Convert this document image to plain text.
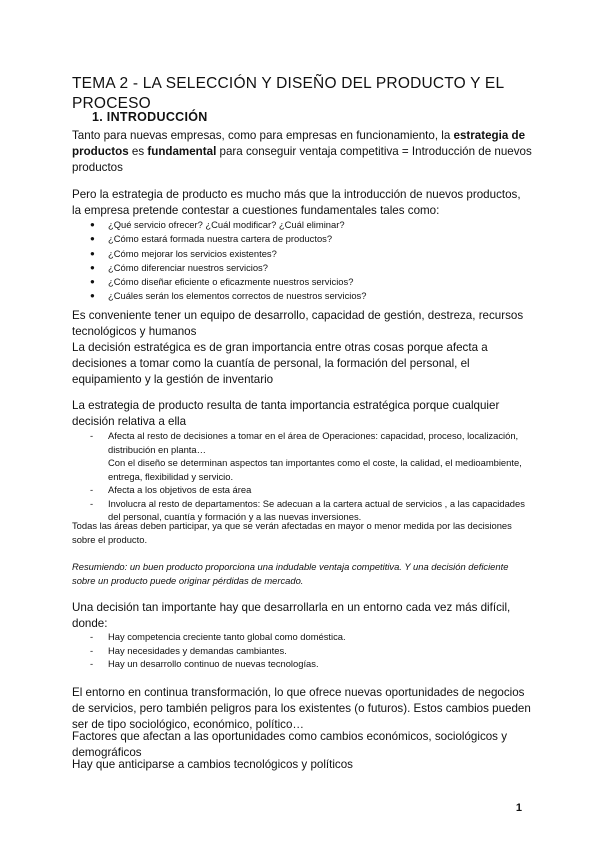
TEMA 2 - LA SELECCIÓN Y DISEÑO DEL PRODUCTO Y EL PROCESO
1. INTRODUCCIÓN
Tanto para nuevas empresas, como para empresas en funcionamiento, la estrategia de productos es fundamental para conseguir ventaja competitiva = Introducción de nuevos productos
Pero la estrategia de producto es mucho más que la introducción de nuevos productos, la empresa pretende contestar a cuestiones fundamentales tales como:
● ¿Qué servicio ofrecer? ¿Cuál modificar? ¿Cuál eliminar?
● ¿Cómo estará formada nuestra cartera de productos?
● ¿Cómo mejorar los servicios existentes?
● ¿Cómo diferenciar nuestros servicios?
● ¿Cómo diseñar eficiente o eficazmente nuestros servicios?
● ¿Cuáles serán los elementos correctos de nuestros servicios?
Es conveniente tener un equipo de desarrollo, capacidad de gestión, destreza, recursos tecnológicos y humanos
La decisión estratégica es de gran importancia entre otras cosas porque afecta a decisiones a tomar como la cuantía de personal, la formación del personal, el equipamiento y la gestión de inventario
La estrategia de producto resulta de tanta importancia estratégica porque cualquier decisión relativa a ella
- Afecta al resto de decisiones a tomar en el área de Operaciones: capacidad, proceso, localización, distribución en planta…
Con el diseño se determinan aspectos tan importantes como el coste, la calidad, el medioambiente, entrega, flexibilidad y servicio.
- Afecta a los objetivos de esta área
- Involucra al resto de departamentos: Se adecuan a la cartera actual de servicios , a las capacidades del personal, cuantía y formación y a las nuevas inversiones.
Todas las áreas deben participar, ya que se verán afectadas en mayor o menor medida por las decisiones sobre el producto.
Resumiendo: un buen producto proporciona una indudable ventaja competitiva. Y una decisión deficiente sobre un producto puede originar pérdidas de mercado.
Una decisión tan importante hay que desarrollarla en un entorno cada vez más difícil, donde:
- Hay competencia creciente tanto global como doméstica.
- Hay necesidades y demandas cambiantes.
- Hay un desarrollo continuo de nuevas tecnologías.
El entorno en continua transformación, lo que ofrece nuevas oportunidades de negocios de servicios, pero también peligros para los existentes (o futuros). Estos cambios pueden ser de tipo sociológico, económico, político…
Factores que afectan a las oportunidades como cambios económicos, sociológicos y demográficos
Hay que anticiparse a cambios tecnológicos y políticos
1
